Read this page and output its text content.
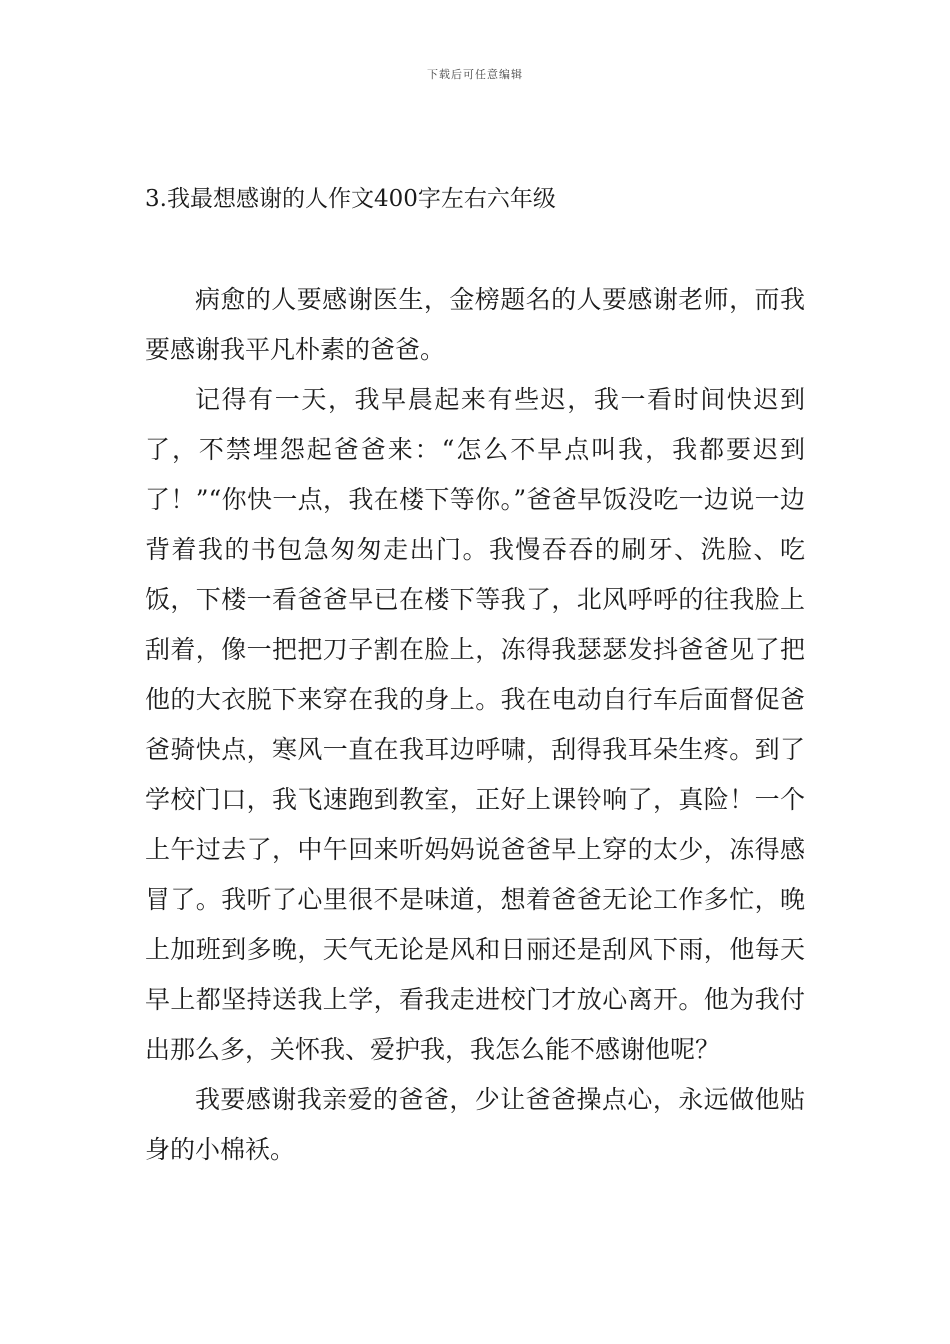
下载后可任意编辑
3.我最想感谢的人作文400字左右六年级

病愈的人要感谢医生，金榜题名的人要感谢老师，而我要感谢我平凡朴素的爸爸。

记得有一天，我早晨起来有些迟，我一看时间快迟到了，不禁埋怨起爸爸来：“怎么不早点叫我，我都要迟到了！”“你快一点，我在楼下等你。”爸爸早饭没吃一边说一边背着我的书包急匆匆走出门。我慢吞吞的刷牙、洗脸、吃饭，下楼一看爸爸早已在楼下等我了，北风呼呼的往我脸上刮着，像一把把刀子割在脸上，冻得我瑟瑟发抖爸爸见了把他的大衣脱下来穿在我的身上。我在电动自行车后面督促爸爸骑快点，寒风一直在我耳边呼啸，刮得我耳朵生疼。到了学校门口，我飞速跑到教室，正好上课铃响了，真险！一个上午过去了，中午回来听妈妈说爸爸早上穿的太少，冻得感冒了。我听了心里很不是味道，想着爸爸无论工作多忙，晚上加班到多晚，天气无论是风和日丽还是刮风下雨，他每天早上都坚持送我上学，看我走进校门才放心离开。他为我付出那么多，关怀我、爱护我，我怎么能不感谢他呢？

我要感谢我亲爱的爸爸，少让爸爸操点心，永远做他贴身的小棉袄。
